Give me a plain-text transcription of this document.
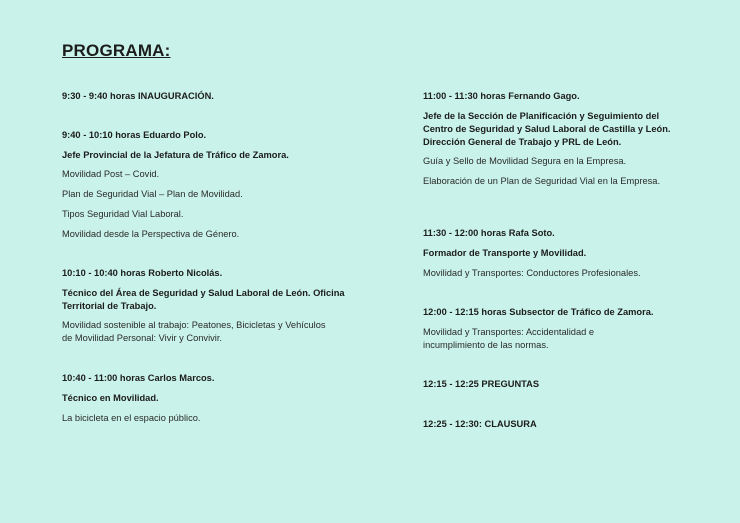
PROGRAMA:

9:30 - 9:40 horas INAUGURACIÓN.

9:40 - 10:10 horas Eduardo Polo.

Jefe Provincial de la Jefatura de Tráfico de Zamora.

Movilidad Post – Covid.

Plan de Seguridad Vial – Plan de Movilidad.

Tipos Seguridad Vial Laboral.

Movilidad desde la Perspectiva de Género.

10:10 - 10:40 horas Roberto Nicolás.

Técnico del Área de Seguridad y Salud Laboral de León. Oficina Territorial de Trabajo.

Movilidad sostenible al trabajo: Peatones, Bicicletas y Vehículos de Movilidad Personal: Vivir y Convivir.

10:40 - 11:00 horas Carlos Marcos.

Técnico en Movilidad.

La bicicleta en el espacio público.

11:00 - 11:30 horas Fernando Gago.

Jefe de la Sección de Planificación y Seguimiento del Centro de Seguridad y Salud Laboral de Castilla y León. Dirección General de Trabajo y PRL de León.

Guía y Sello de Movilidad Segura en la Empresa.

Elaboración de un Plan de Seguridad Vial en la Empresa.

11:30 - 12:00 horas Rafa Soto.

Formador de Transporte y Movilidad.

Movilidad y Transportes: Conductores Profesionales.

12:00 - 12:15 horas Subsector de Tráfico de Zamora.

Movilidad y Transportes: Accidentalidad e incumplimiento de las normas.

12:15 - 12:25 PREGUNTAS

12:25 - 12:30: CLAUSURA
